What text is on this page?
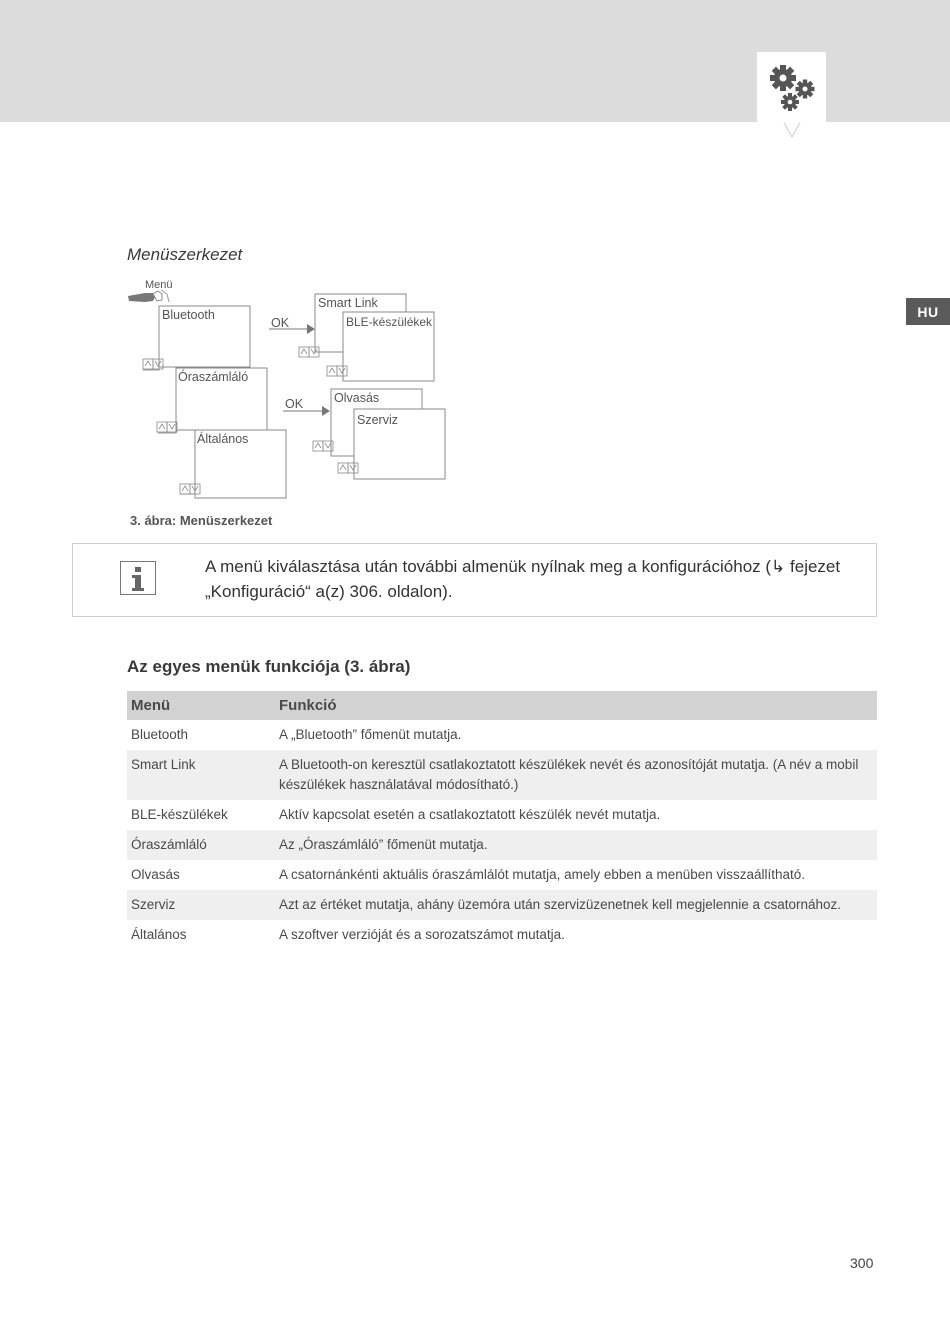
HU
Menüszerkezet
Menü
Bluetooth
Óraszámláló
Általános
OK
OK
Smart Link
BLE-készülékek
Olvasás
Szerviz
3. ábra: Menüszerkezet
A menü kiválasztása után további almenük nyílnak meg a konfigurációhoz (↳ fejezet „Konfiguráció“ a(z) 306. oldalon).
Az egyes menük funkciója (3. ábra)
Menü	Funkció
Bluetooth	A „Bluetooth” főmenüt mutatja.
Smart Link	A Bluetooth-on keresztül csatlakoztatott készülékek nevét és azonosítóját mutatja. (A név a mobil készülékek használatával módosítható.)
BLE-készülékek	Aktív kapcsolat esetén a csatlakoztatott készülék nevét mutatja.
Óraszámláló	Az „Óraszámláló” főmenüt mutatja.
Olvasás	A csatornánkénti aktuális óraszámlálót mutatja, amely ebben a menüben visszaállítható.
Szerviz	Azt az értéket mutatja, ahány üzemóra után szervizüzenetnek kell megjelennie a csatornához.
Általános	A szoftver verzióját és a sorozatszámot mutatja.
300
